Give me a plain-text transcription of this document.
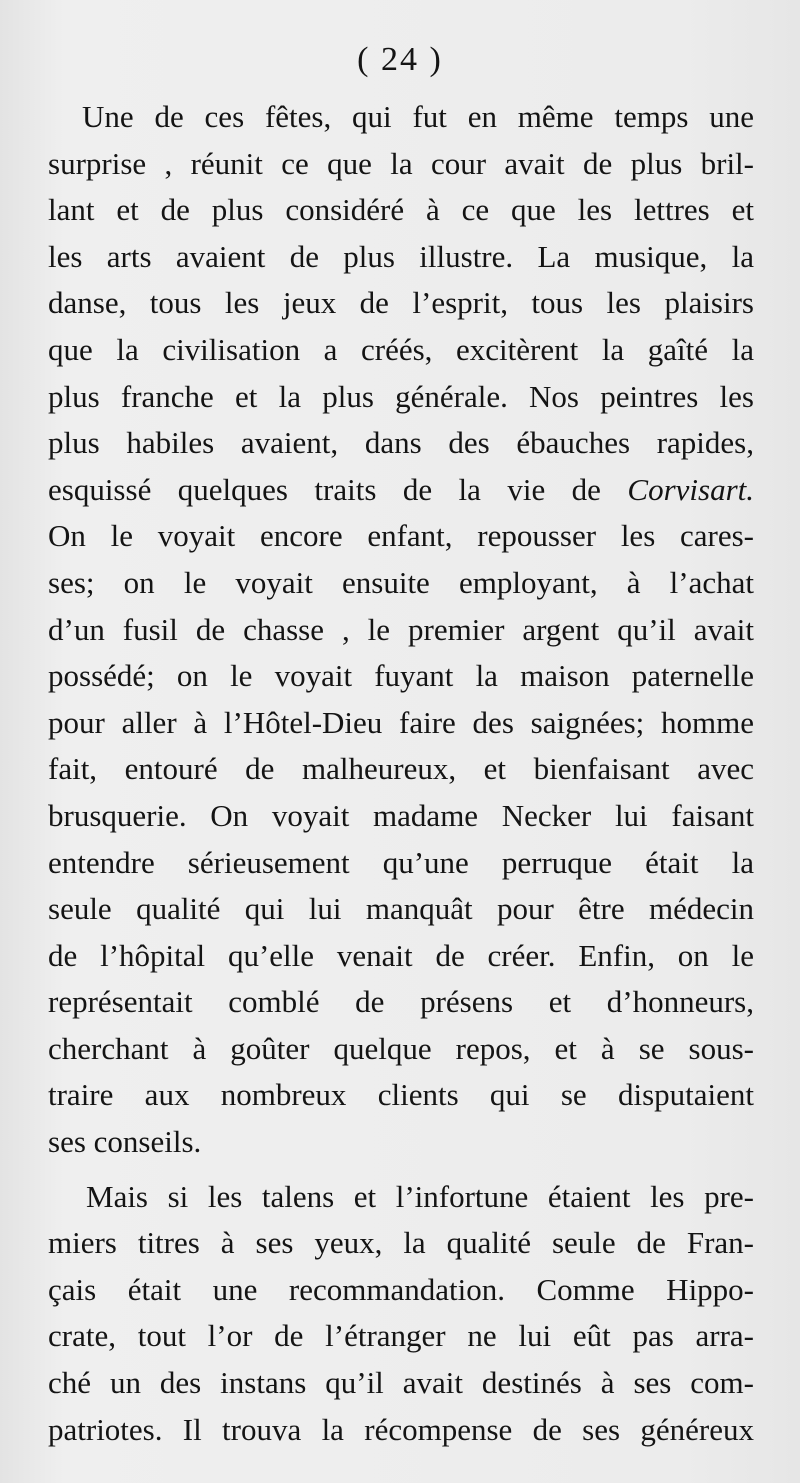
( 24 )
Une de ces fêtes, qui fut en même temps une
surprise , réunit ce que la cour avait de plus bril-
lant et de plus considéré à ce que les lettres et
les arts avaient de plus illustre. La musique, la
danse, tous les jeux de l’esprit, tous les plaisirs
que la civilisation a créés, excitèrent la gaîté la
plus franche et la plus générale. Nos peintres les
plus habiles avaient, dans des ébauches rapides,
esquissé quelques traits de la vie de Corvisart.
On le voyait encore enfant, repousser les cares-
ses; on le voyait ensuite employant, à l’achat
d’un fusil de chasse , le premier argent qu’il avait
possédé; on le voyait fuyant la maison paternelle
pour aller à l’Hôtel-Dieu faire des saignées; homme
fait, entouré de malheureux, et bienfaisant avec
brusquerie. On voyait madame Necker lui faisant
entendre sérieusement qu’une perruque était la
seule qualité qui lui manquât pour être médecin
de l’hôpital qu’elle venait de créer. Enfin, on le
représentait comblé de présens et d’honneurs,
cherchant à goûter quelque repos, et à se sous-
traire aux nombreux clients qui se disputaient
ses conseils.
Mais si les talens et l’infortune étaient les pre-
miers titres à ses yeux, la qualité seule de Fran-
çais était une recommandation. Comme Hippo-
crate, tout l’or de l’étranger ne lui eût pas arra-
ché un des instans qu’il avait destinés à ses com-
patriotes. Il trouva la récompense de ses généreux
